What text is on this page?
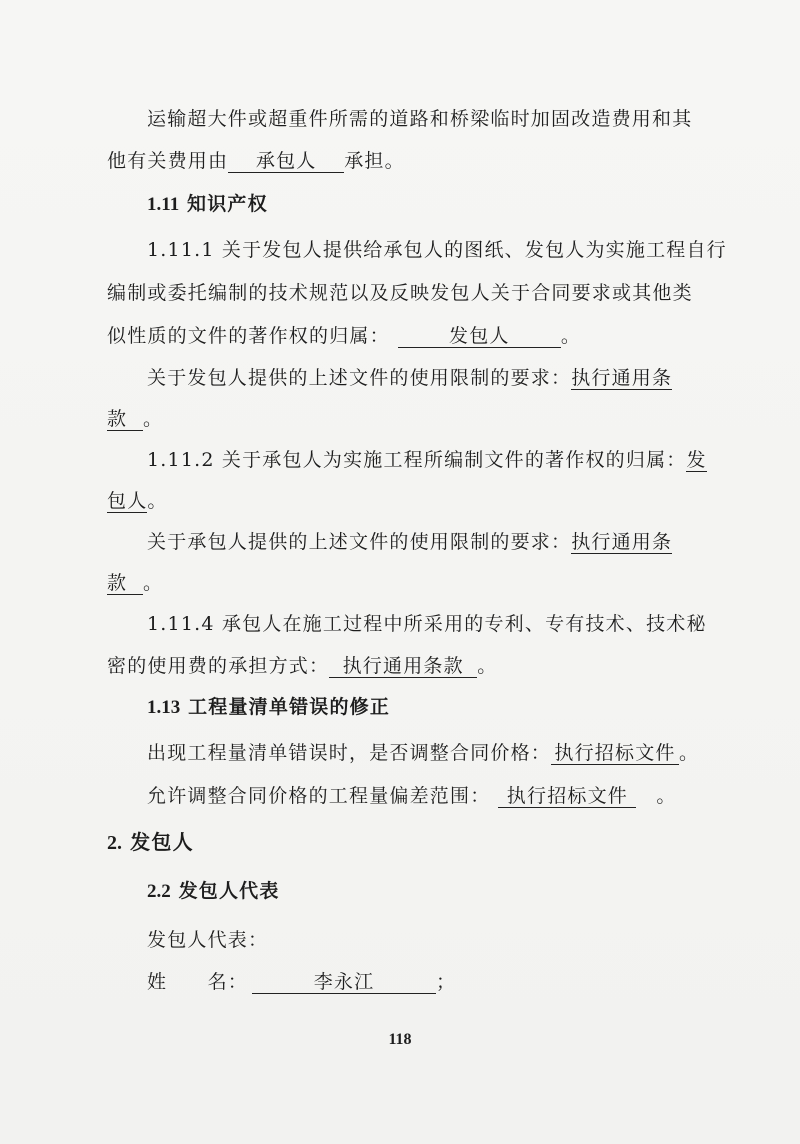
运输超大件或超重件所需的道路和桥梁临时加固改造费用和其
他有关费用由 承包人 承担。
1.11 知识产权
1.11.1 关于发包人提供给承包人的图纸、发包人为实施工程自行
编制或委托编制的技术规范以及反映发包人关于合同要求或其他类
似性质的文件的著作权的归属：	发包人	。
关于发包人提供的上述文件的使用限制的要求：执行通用条
款 。
1.11.2 关于承包人为实施工程所编制文件的著作权的归属：发
包人。
关于承包人提供的上述文件的使用限制的要求：执行通用条
款 。
1.11.4 承包人在施工过程中所采用的专利、专有技术、技术秘
密的使用费的承担方式： 执行通用条款 。
1.13 工程量清单错误的修正
出现工程量清单错误时，是否调整合同价格： 执行招标文件 。
允许调整合同价格的工程量偏差范围： 执行招标文件 。
2. 发包人
2.2 发包人代表
发包人代表：
姓　　名：	李永江	；
118
